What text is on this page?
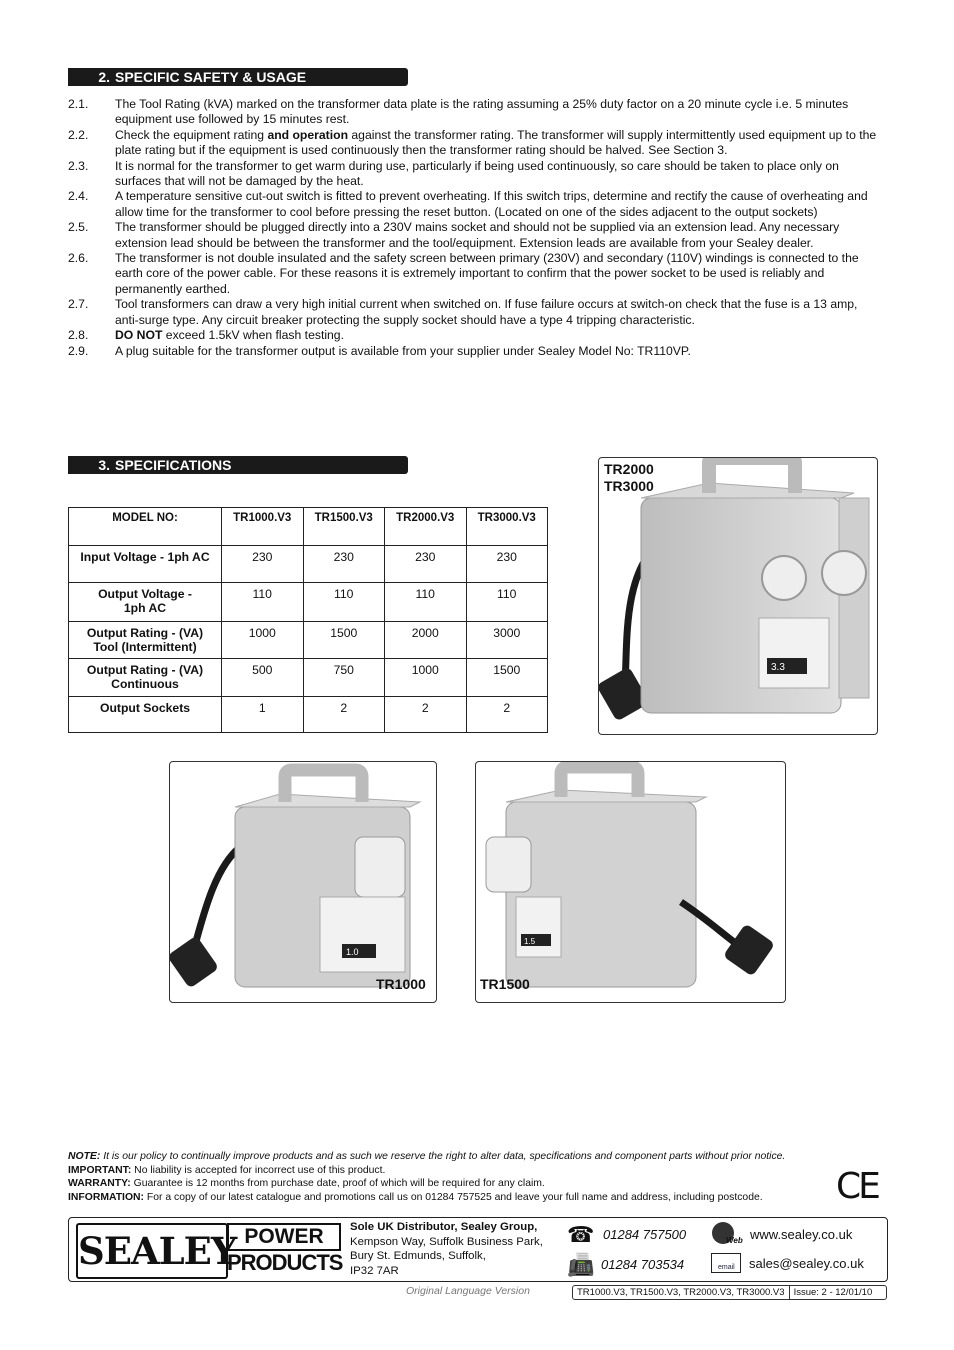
2. SPECIFIC SAFETY & USAGE
2.1.	The Tool Rating (kVA) marked on the transformer data plate is the rating assuming a 25% duty factor on a 20 minute cycle i.e. 5 minutes equipment use followed by 15 minutes rest.
2.2.	Check the equipment rating and operation against the transformer rating. The transformer will supply intermittently used equipment up to the plate rating but if the equipment is used continuously then the transformer rating should be halved. See Section 3.
2.3.	It is normal for the transformer to get warm during use, particularly if being used continuously, so care should be taken to place only on surfaces that will not be damaged by the heat.
2.4.	A temperature sensitive cut-out switch is fitted to prevent overheating. If this switch trips, determine and rectify the cause of overheating and allow time for the transformer to cool before pressing the reset button. (Located on one of the sides adjacent to the output sockets)
2.5.	The transformer should be plugged directly into a 230V mains socket and should not be supplied via an extension lead. Any necessary extension lead should be between the transformer and the tool/equipment. Extension leads are available from your Sealey dealer.
2.6.	The transformer is not double insulated and the safety screen between primary (230V) and secondary (110V) windings is connected to the earth core of the power cable. For these reasons it is extremely important to confirm that the power socket to be used is reliably and permanently earthed.
2.7.	Tool transformers can draw a very high initial current when switched on. If fuse failure occurs at switch-on check that the fuse is a 13 amp, anti-surge type. Any circuit breaker protecting the supply socket should have a type 4 tripping characteristic.
2.8.	DO NOT exceed 1.5kV when flash testing.
2.9.	A plug suitable for the transformer output is available from your supplier under Sealey Model No: TR110VP.
3. SPECIFICATIONS
MODEL NO:	TR1000.V3	TR1500.V3	TR2000.V3	TR3000.V3

Input Voltage - 1ph AC	230	230	230	230

Output Voltage -
1ph AC	110	110	110	110

Output Rating - (VA)
Tool (Intermittent)	1000	1500	2000	3000

Output Rating - (VA)
Continuous	500	750	1000	1500

Output Sockets	1	2	2	2
3.3
TR2000
TR3000
1.0
TR1000
1.5
TR1500
NOTE: It is our policy to continually improve products and as such we reserve the right to alter data, specifications and component parts without prior notice.
IMPORTANT: No liability is accepted for incorrect use of this product.
WARRANTY: Guarantee is 12 months from purchase date, proof of which will be required for any claim.
INFORMATION: For a copy of our latest catalogue and promotions call us on 01284 757525 and leave your full name and address, including postcode.	CE
SEALEY POWER
PRODUCTS
Sole UK Distributor, Sealey Group,
Kempson Way, Suffolk Business Park,
Bury St. Edmunds, Suffolk,
IP32 7AR
☎ 01284 757500
📠 01284 703534
Web www.sealey.co.uk
email sales@sealey.co.uk
Original Language Version	TR1000.V3, TR1500.V3, TR2000.V3, TR3000.V3 Issue: 2 - 12/01/10
